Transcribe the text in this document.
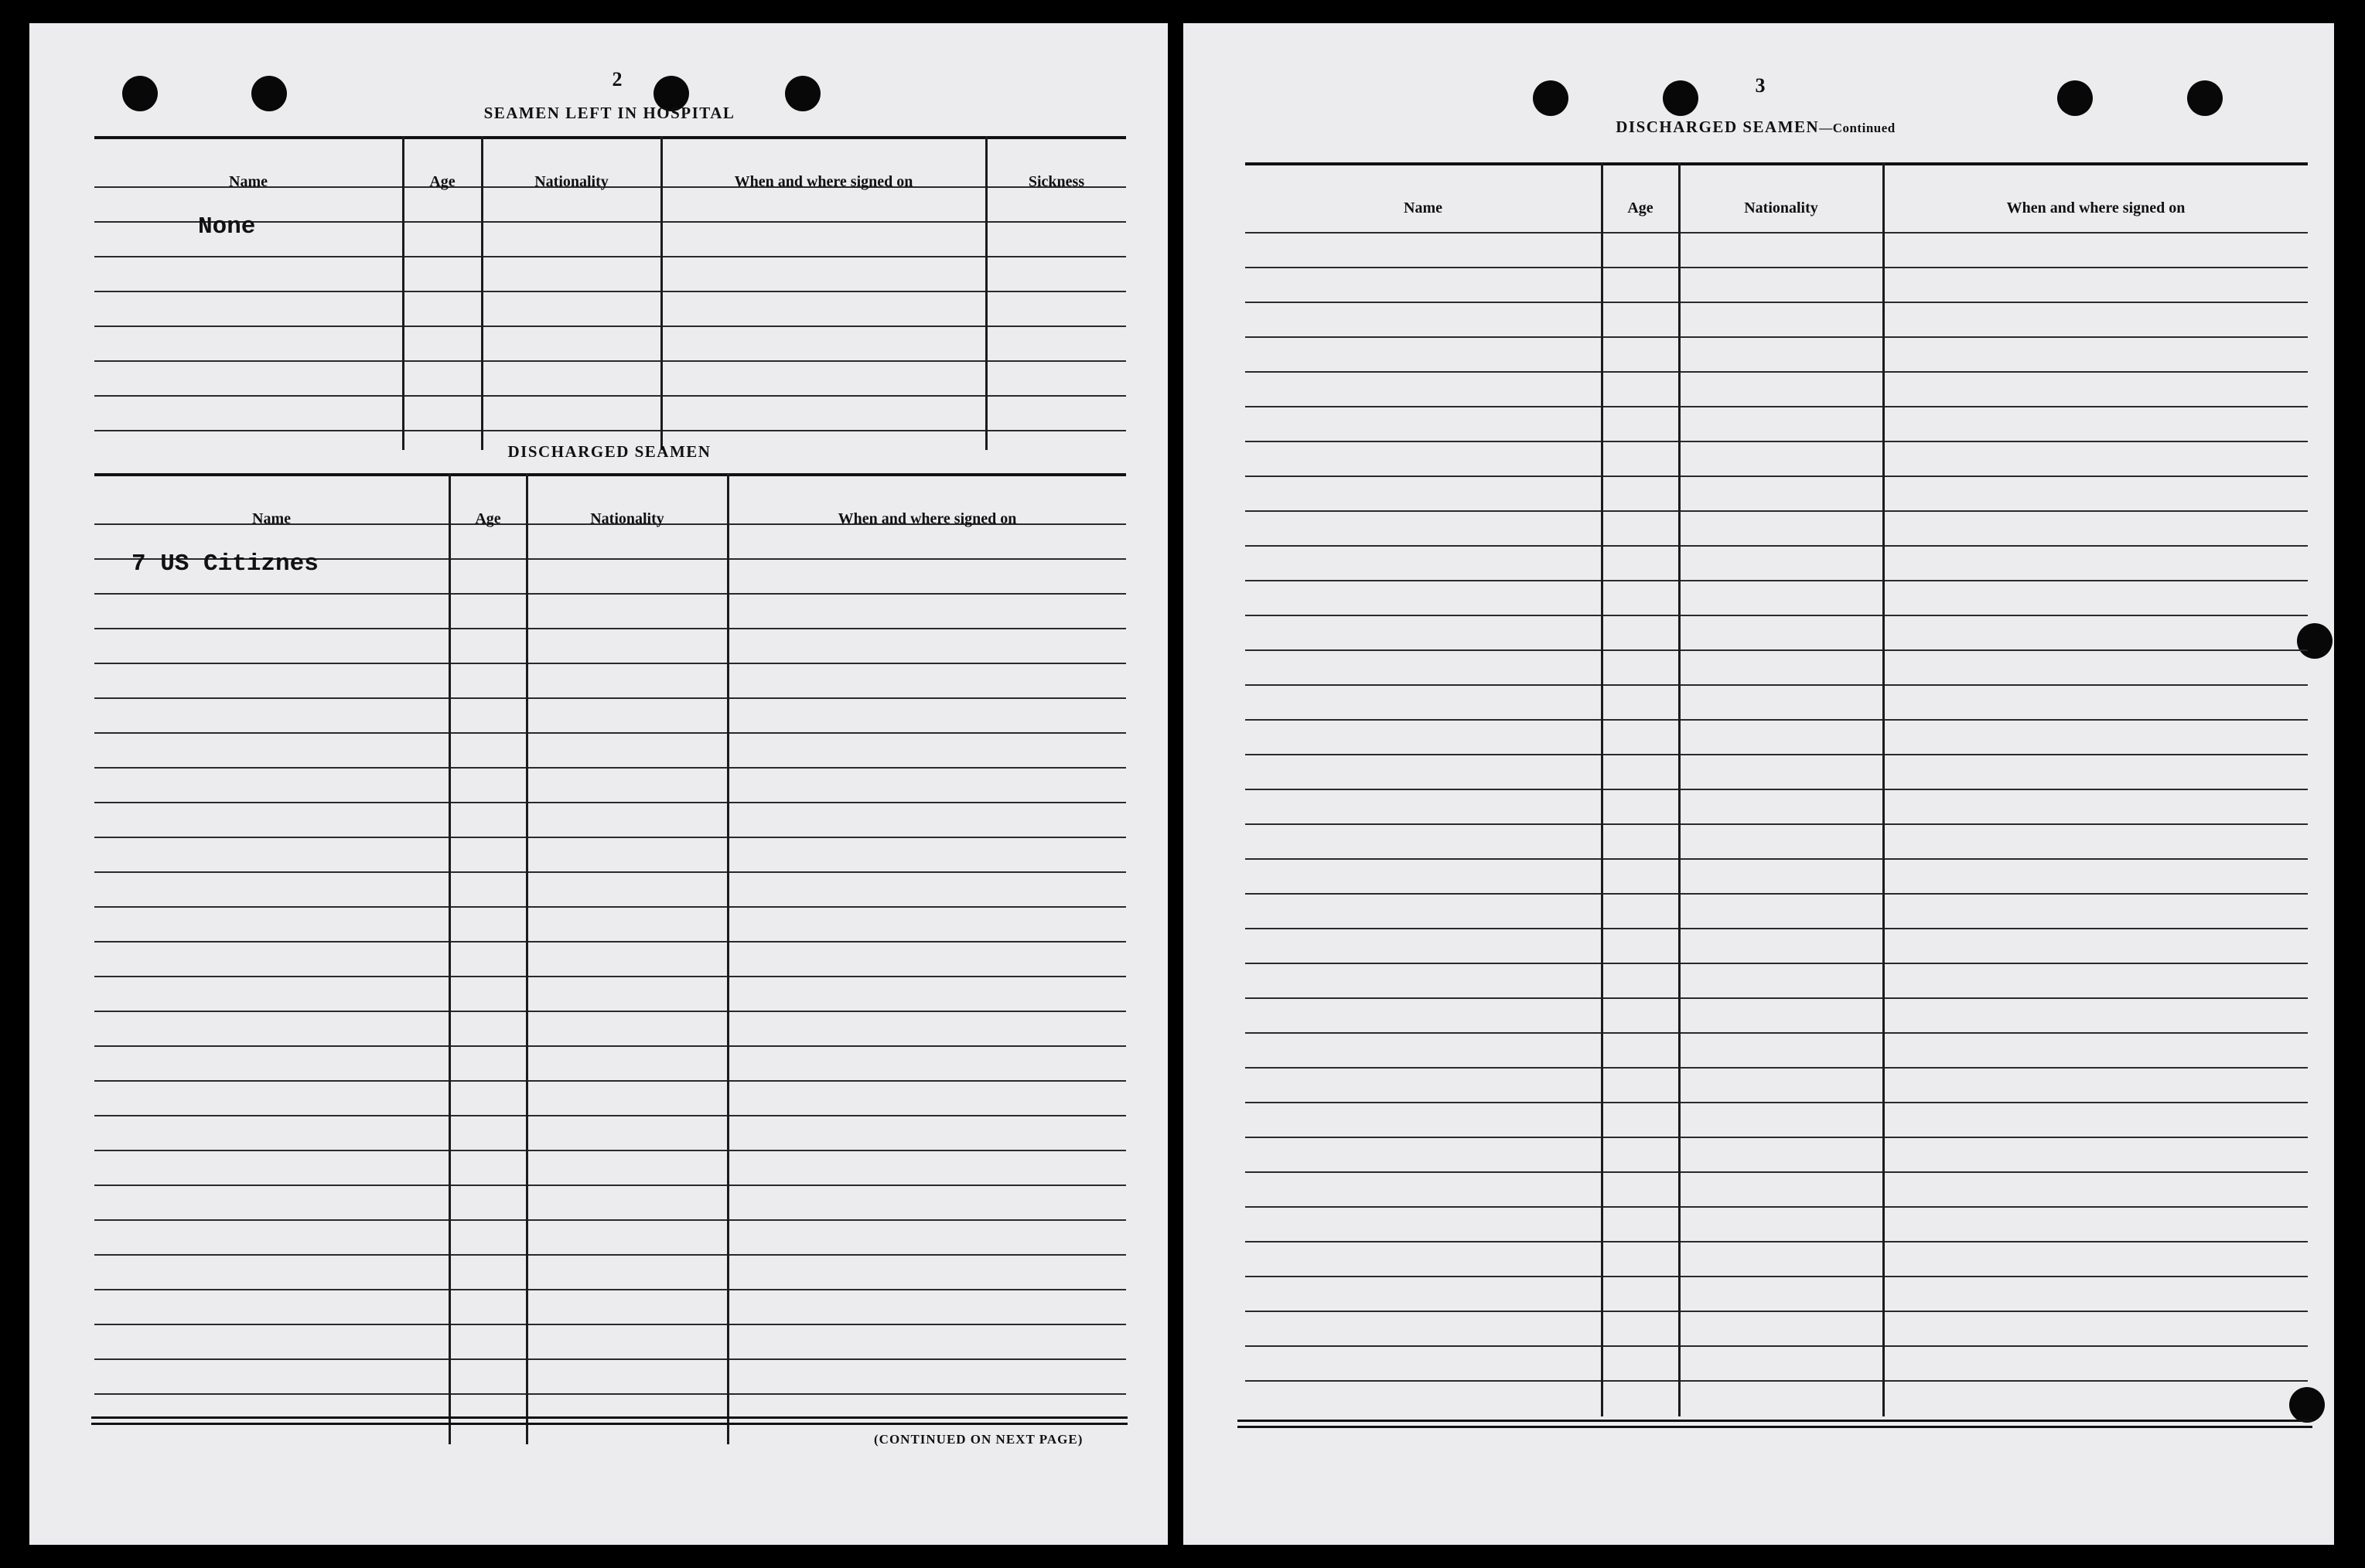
2
SEAMEN LEFT IN HOSPITAL
Name	Age	Nationality	When and where signed on	Sickness
None
DISCHARGED SEAMEN
Name	Age	Nationality	When and where signed on
7 US Citiznes
(CONTINUED ON NEXT PAGE)
3
DISCHARGED SEAMEN—Continued
Name	Age	Nationality	When and where signed on
